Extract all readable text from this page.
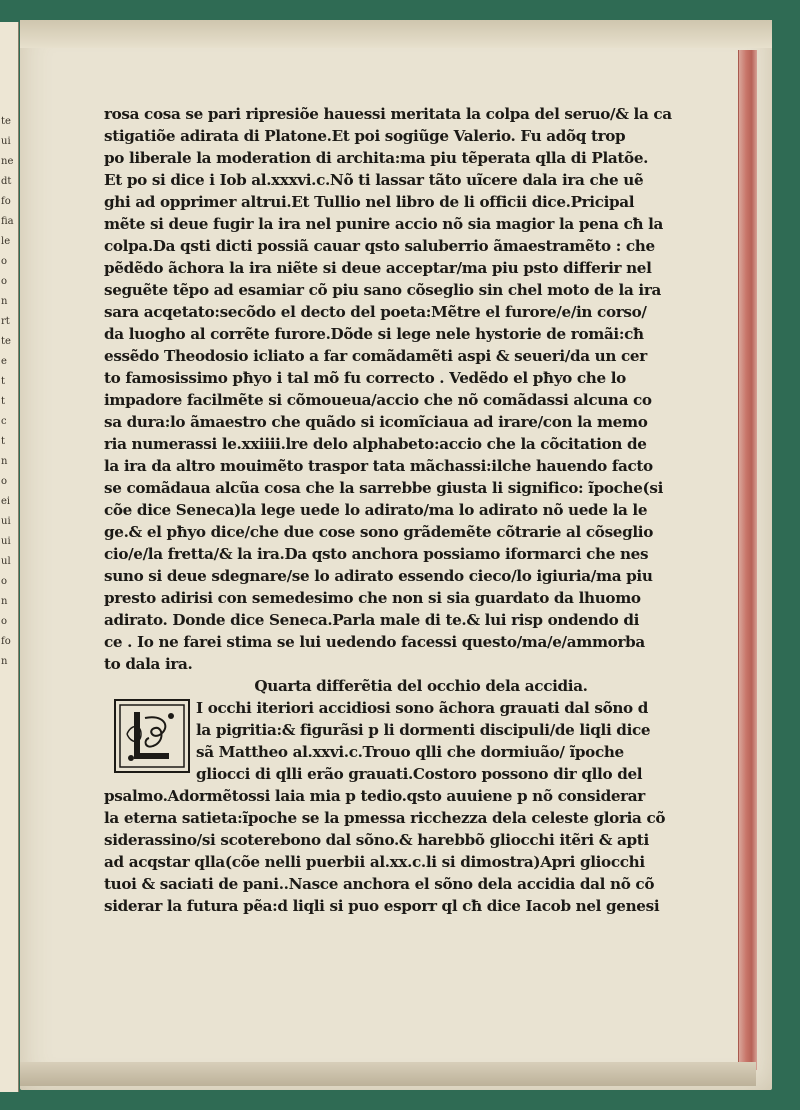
te
ui
ne
dt
fo
fia
le
o
o
n
rt
te
e
t
t
c
t
n
o
ei
ui
ui
ul
o
n
o
fo
n
rosa cosa se pari ripresiõe hauessi meritata la colpa del seruo/& la ca
stigatiõe adirata di Platone.Et poi sogiũge Valerio. Fu adõq trop
po liberale la moderation di archita:ma piu tẽperata qlla di Platõe.
Et po si dice i Iob al.xxxvi.c.Nõ ti lassar tãto uĩcere dala ira che uẽ
ghi ad opprimer altrui.Et Tullio nel libro de li officii dice.Pricipal
mẽte si deue fugir la ira nel punire accio nõ sia magior la pena cħ la
colpa.Da qsti dicti possiã cauar qsto saluberrio ãmaestramẽto : che
pẽdẽdo ãchora la ira niẽte si deue acceptar/ma piu psto differir nel
seguẽte tẽpo ad esamiar cõ piu sano cõseglio sin chel moto de la ira
sara acqetato:secõdo el decto del poeta:Mẽtre el furore/e/in corso/
da luogho al corrẽte furore.Dõde si lege nele hystorie de romãi:cħ
essẽdo Theodosio icliato a far comãdamẽti aspi & seueri/da un cer
to famosissimo pħyo i tal mõ fu correcto . Vedẽdo el pħyo che lo
impadore facilmẽte si cõmoueua/accio che nõ comãdassi alcuna co
sa dura:lo ãmaestro che quãdo si icomĩciaua ad irare/con la memo
ria numerassi le.xxiiii.lre delo alphabeto:accio che la cõcitation de
la ira da altro mouimẽto traspor tata mãchassi:ilche hauendo facto
se comãdaua alcũa cosa che la sarrebbe giusta li significo: ĩpoche(si
cõe dice Seneca)la lege uede lo adirato/ma lo adirato nõ uede la le
ge.& el pħyo dice/che due cose sono grãdemẽte cõtrarie al cõseglio
cio/e/la fretta/& la ira.Da qsto anchora possiamo iformarci che nes
suno si deue sdegnare/se lo adirato essendo cieco/lo igiuria/ma piu
presto adirisi con semedesimo che non si sia guardato da lhuomo
adirato. Donde dice Seneca.Parla male di te.& lui risp ondendo di
ce . Io ne farei stima se lui uedendo facessi questo/ma/e/ammorba
to dala ira.
Quarta differẽtia del occhio dela accidia.
I occhi iteriori accidiosi sono ãchora grauati dal sõno d
la pigritia:& figurãsi p li dormenti discipuli/de liqli dice
sã Mattheo al.xxvi.c.Trouo qlli che dormiuão/ ĩpoche
gliocci di qlli erão grauati.Costoro possono dir qllo del
psalmo.Adormẽtossi laia mia p tedio.qsto auuiene p nõ considerar
la eterna satieta:ĩpoche se la pmessa ricchezza dela celeste gloria cõ
siderassino/si scoterebono dal sõno.& harebbõ gliocchi itẽri & apti
ad acqstar qlla(cõe nelli puerbii al.xx.c.li si dimostra)Apri gliocchi
tuoi & saciati de pani..Nasce anchora el sõno dela accidia dal nõ cõ
siderar la futura pẽa:d liqli si puo esporr ql cħ dice Iacob nel genesi
